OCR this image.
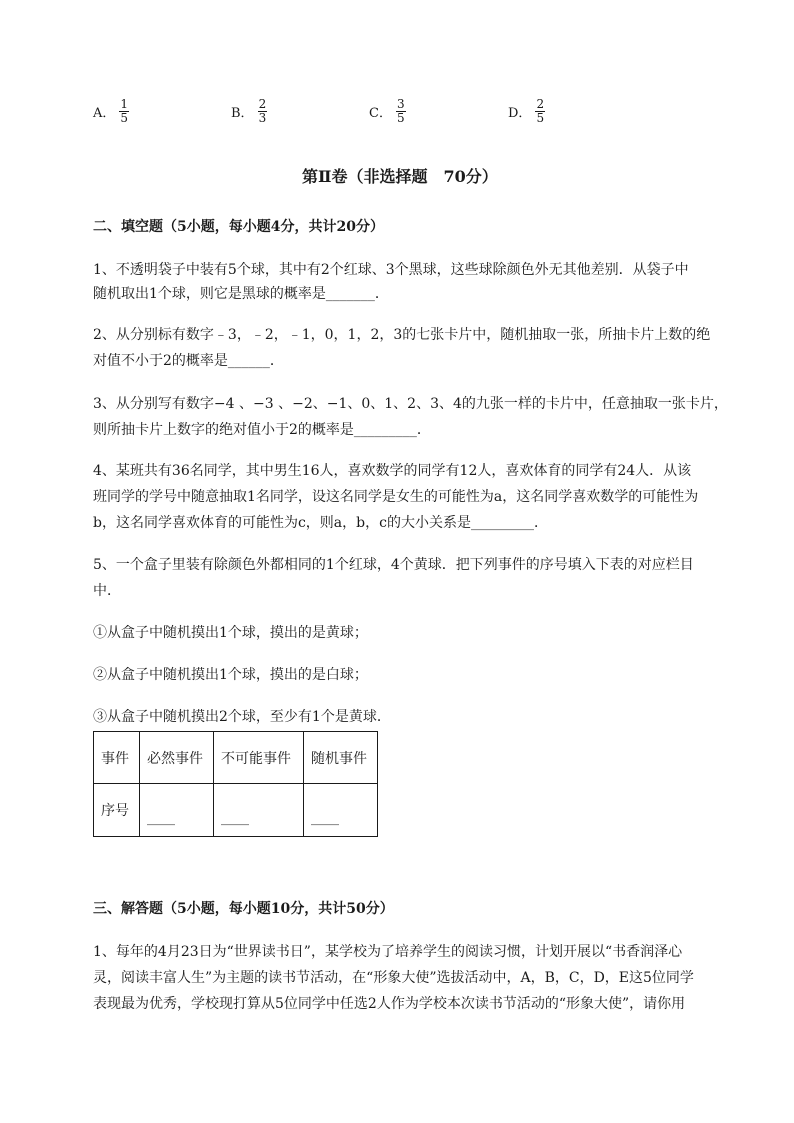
A． $\frac{1}{5}$	B． $\frac{2}{3}$	C． $\frac{3}{5}$	D． $\frac{2}{5}$
第Ⅱ卷（非选择题　70分）
二、填空题（5小题，每小题4分，共计20分）
1、不透明袋子中装有5个球，其中有2个红球、3个黑球，这些球除颜色外无其他差别．从袋子中
随机取出1个球，则它是黑球的概率是_______．
2、从分别标有数字﹣3，﹣2，﹣1，0，1，2，3的七张卡片中，随机抽取一张，所抽卡片上数的绝
对值不小于2的概率是______．
3、从分别写有数字−4 、−3 、−2、−1、0、1、2、3、4的九张一样的卡片中，任意抽取一张卡片，
则所抽卡片上数字的绝对值小于2的概率是_________．
4、某班共有36名同学，其中男生16人，喜欢数学的同学有12人，喜欢体育的同学有24人．从该
班同学的学号中随意抽取1名同学，设这名同学是女生的可能性为a，这名同学喜欢数学的可能性为
b，这名同学喜欢体育的可能性为c，则a，b，c的大小关系是_________．
5、一个盒子里装有除颜色外都相同的1个红球，4个黄球．把下列事件的序号填入下表的对应栏目
中．
①从盒子中随机摸出1个球，摸出的是黄球；
②从盒子中随机摸出1个球，摸出的是白球；
③从盒子中随机摸出2个球，至少有1个是黄球．
事件	必然事件	不可能事件	随机事件
序号	____	____	____
三、解答题（5小题，每小题10分，共计50分）
1、每年的4月23日为“世界读书日”，某学校为了培养学生的阅读习惯，计划开展以“书香润泽心
灵，阅读丰富人生”为主题的读书节活动，在“形象大使”选拔活动中，A，B，C，D，E这5位同学
表现最为优秀，学校现打算从5位同学中任选2人作为学校本次读书节活动的“形象大使”，请你用
